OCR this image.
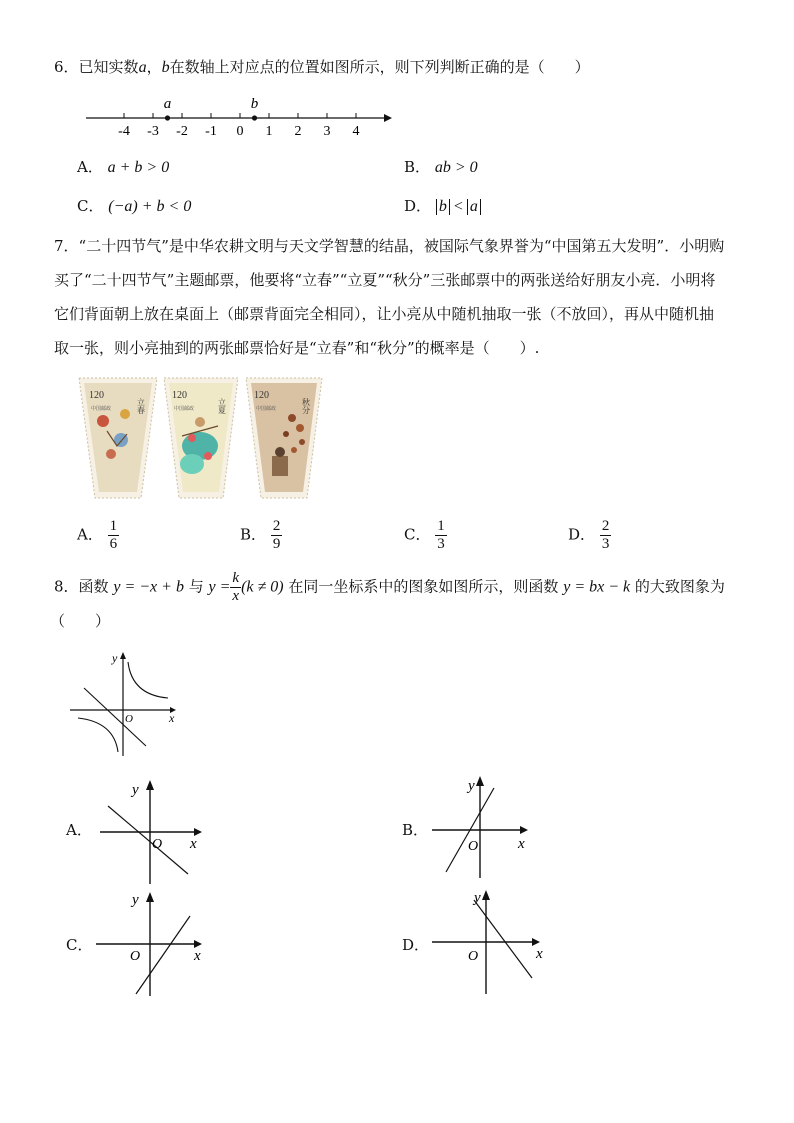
6．已知实数a，b在数轴上对应点的位置如图所示，则下列判断正确的是（　　）
-4 -3 -2 -1 0 1 2 3 4
a	b
A． a + b > 0	B． ab > 0
C． (−a) + b < 0	D． b < a
7．“二十四节气”是中华农耕文明与天文学智慧的结晶，被国际气象界誉为“中国第五大发明”．小明购
买了“二十四节气”主题邮票，他要将“立春”“立夏”“秋分”三张邮票中的两张送给好朋友小亮．小明将
它们背面朝上放在桌面上（邮票背面完全相同），让小亮从中随机抽取一张（不放回），再从中随机抽
取一张，则小亮抽到的两张邮票恰好是“立春”和“秋分”的概率是（　　）.
120
立春
中国邮政
120
立夏
中国邮政
120
秋分
中国邮政
A． $\frac{1}{6}$	B． $\frac{2}{9}$	C． $\frac{1}{3}$	D． $\frac{2}{3}$
8．函数 y = −x + b 与 $y = \frac{k}{x} (k \ne 0)$ 在同一坐标系中的图象如图所示，则函数 y = bx − k 的大致图象为
（　　）
y
x
O
A．
y
x
O
B．
y
x
O
C．
y
x
O
D．
y
x
O
